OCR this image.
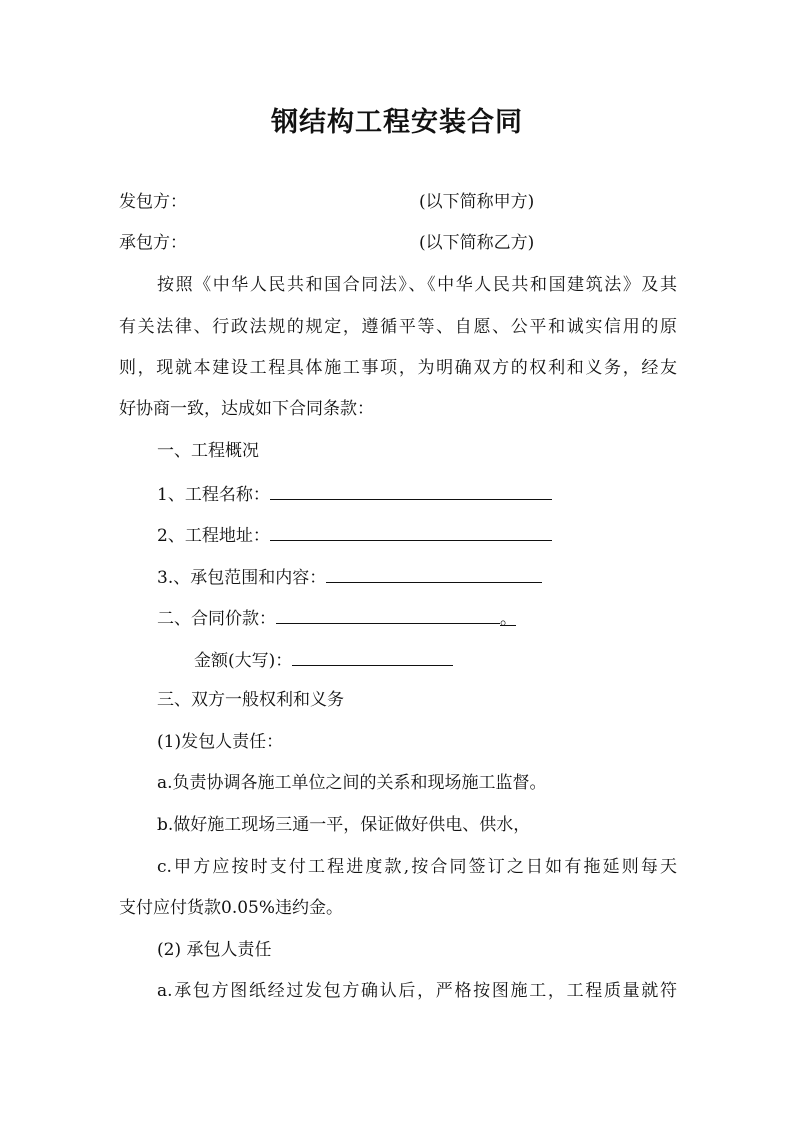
钢结构工程安装合同
发包方：	(以下简称甲方)
承包方：	(以下简称乙方)
按照《中华人民共和国合同法》、《中华人民共和国建筑法》及其
有关法律、行政法规的规定，遵循平等、自愿、公平和诚实信用的原
则，现就本建设工程具体施工事项，为明确双方的权利和义务，经友
好协商一致，达成如下合同条款：
一、工程概况
1、工程名称：
2、工程地址：
3.、承包范围和内容：
二、合同价款：	。
金额(大写)：
三、双方一般权利和义务
(1)发包人责任：
a.负责协调各施工单位之间的关系和现场施工监督。
b.做好施工现场三通一平，保证做好供电、供水，
c.甲方应按时支付工程进度款,按合同签订之日如有拖延则每天
支付应付货款0.05%违约金。
(2) 承包人责任
a.承包方图纸经过发包方确认后，严格按图施工，工程质量就符
